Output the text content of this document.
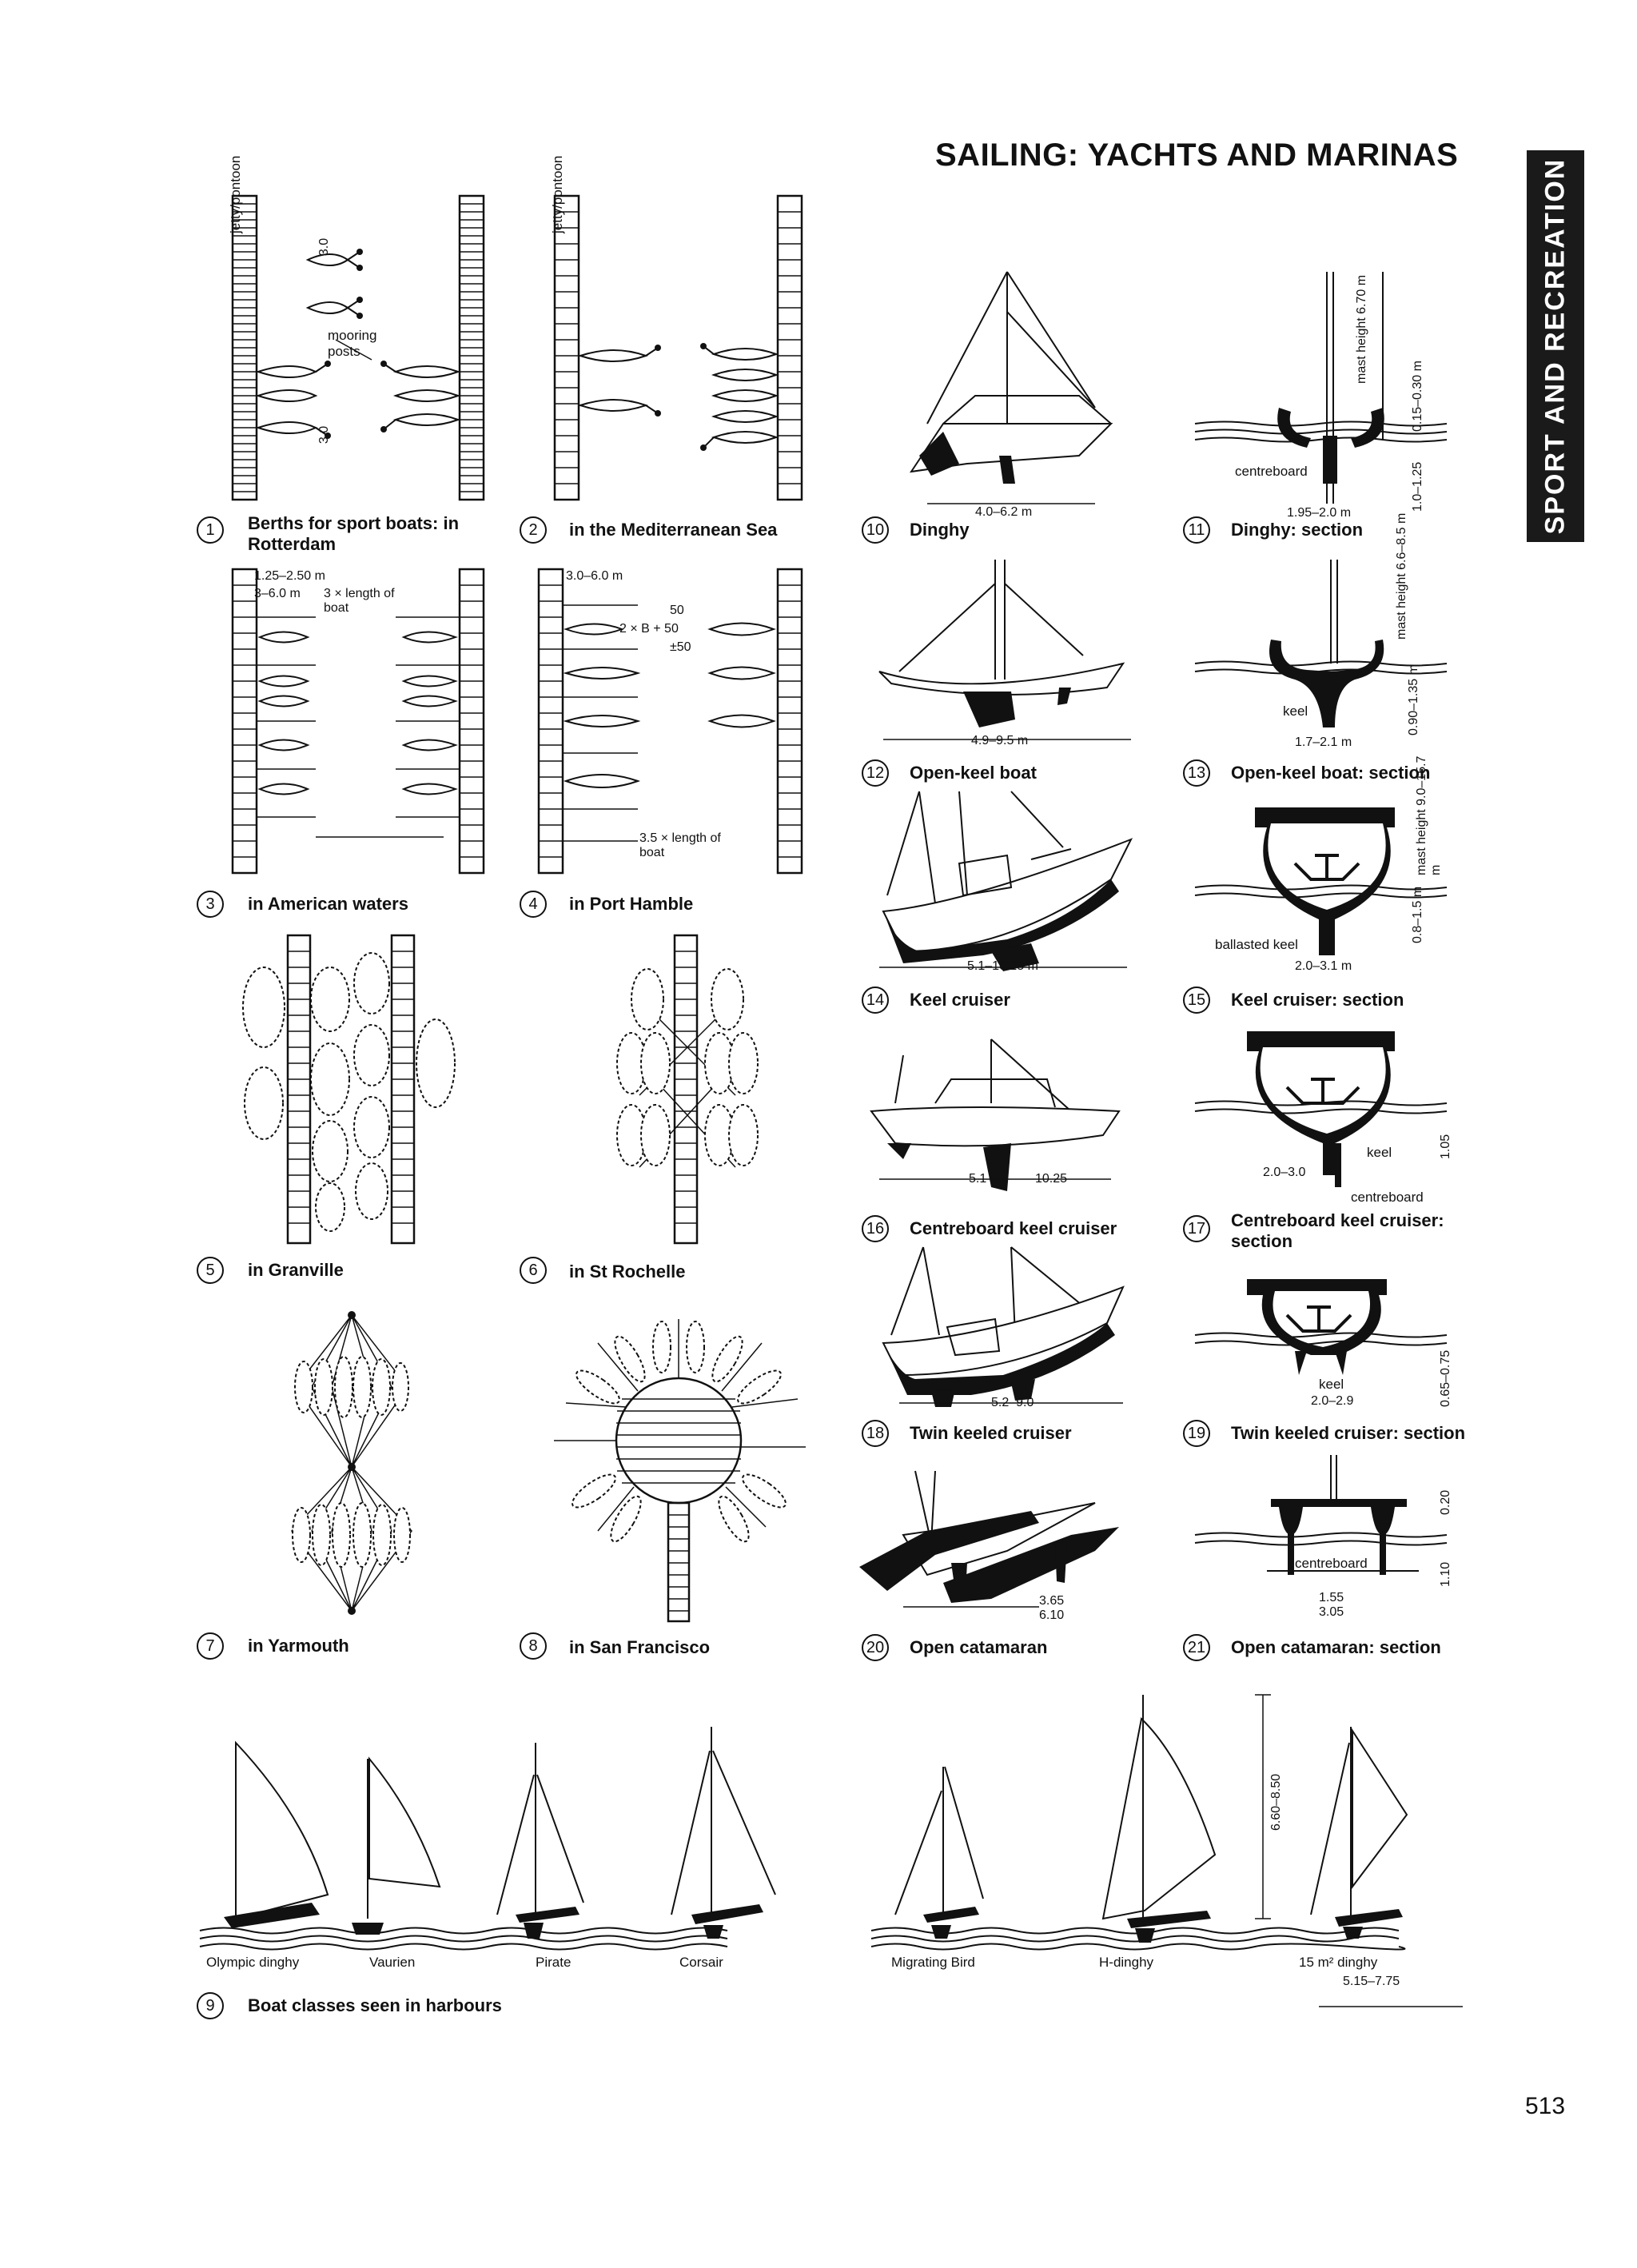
SAILING: YACHTS AND MARINAS
SPORT AND RECREATION
jetty/pontoon
mooring posts
3.0
3.0
1	Berths for sport boats: in Rotterdam
jetty/pontoon
2	in the Mediterranean Sea
1.25–2.50 m
3–6.0 m 3 × length of boat
3	in American waters
3.0–6.0 m
50
2 × B + 50
±50
3.5 × length of boat
4	in Port Hamble
5	in Granville	6	in St Rochelle
7	in Yarmouth	8	in San Francisco
4.0–6.2 m
10 Dinghy
4.9–9.5 m
12 Open-keel boat
5.1–10.25 m
14 Keel cruiser
5.1	10.25
16 Centreboard keel cruiser
5.2–9.0
18 Twin keeled cruiser
3.65
6.10
20 Open catamaran
centreboard
mast height 6.70 m
0.15–0.30 m
1.0–1.25
1.95–2.0 m
11	Dinghy: section
keel
mast height 6.6–8.5 m
0.90–1.35 m
1.7–2.1 m
13 Open-keel boat: section
ballasted keel
mast height 9.0–15.7 m
0.8–1.5 m
2.0–3.1 m
15 Keel cruiser: section
keel
centreboard
2.0–3.0
1.05
17 Centreboard keel cruiser: section
keel
2.0–2.9	0.65–0.75
19 Twin keeled cruiser: section
centreboard
1.55
3.05
0.20
1.10
21 Open catamaran: section
6.60–8.50
Olympic dinghy	Vaurien	Pirate	Corsair	Migrating Bird	H-dinghy	15 m² dinghy
5.15–7.75
9	Boat classes seen in harbours
513
